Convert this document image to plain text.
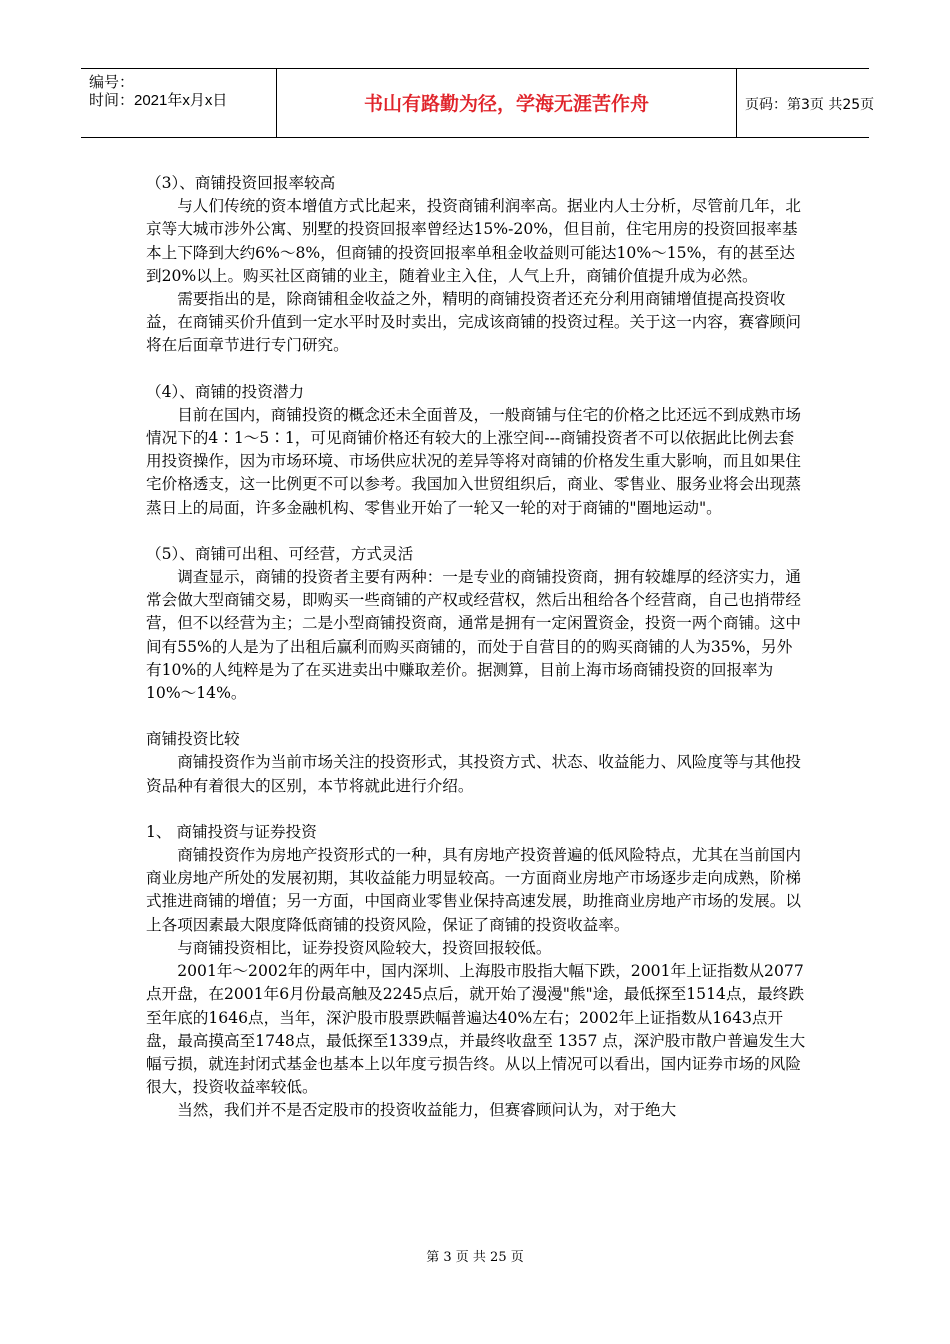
编号：
时间：2021年x月x日	书山有路勤为径，学海无涯苦作舟	页码：第3页 共25页

（3）、商铺投资回报率较高

与人们传统的资本增值方式比起来，投资商铺利润率高。据业内人士分析，尽管前几年，北京等大城市涉外公寓、别墅的投资回报率曾经达15%-20%，但目前，住宅用房的投资回报率基本上下降到大约6%～8%，但商铺的投资回报率单租金收益则可能达10%～15%，有的甚至达到20%以上。购买社区商铺的业主，随着业主入住，人气上升，商铺价值提升成为必然。

需要指出的是，除商铺租金收益之外，精明的商铺投资者还充分利用商铺增值提高投资收益，在商铺买价升值到一定水平时及时卖出，完成该商铺的投资过程。关于这一内容，赛睿顾问将在后面章节进行专门研究。

（4）、商铺的投资潜力

目前在国内，商铺投资的概念还未全面普及，一般商铺与住宅的价格之比还远不到成熟市场情况下的4∶1～5∶1，可见商铺价格还有较大的上涨空间---商铺投资者不可以依据此比例去套用投资操作，因为市场环境、市场供应状况的差异等将对商铺的价格发生重大影响，而且如果住宅价格透支，这一比例更不可以参考。我国加入世贸组织后，商业、零售业、服务业将会出现蒸蒸日上的局面，许多金融机构、零售业开始了一轮又一轮的对于商铺的"圈地运动"。

（5）、商铺可出租、可经营，方式灵活

调查显示，商铺的投资者主要有两种：一是专业的商铺投资商，拥有较雄厚的经济实力，通常会做大型商铺交易，即购买一些商铺的产权或经营权，然后出租给各个经营商，自己也捎带经营，但不以经营为主；二是小型商铺投资商，通常是拥有一定闲置资金，投资一两个商铺。这中间有55%的人是为了出租后赢利而购买商铺的，而处于自营目的的购买商铺的人为35%，另外有10%的人纯粹是为了在买进卖出中赚取差价。据测算，目前上海市场商铺投资的回报率为10%～14%。

商铺投资比较

商铺投资作为当前市场关注的投资形式，其投资方式、状态、收益能力、风险度等与其他投资品种有着很大的区别，本节将就此进行介绍。

1、 商铺投资与证券投资

商铺投资作为房地产投资形式的一种，具有房地产投资普遍的低风险特点，尤其在当前国内商业房地产所处的发展初期，其收益能力明显较高。一方面商业房地产市场逐步走向成熟，阶梯式推进商铺的增值；另一方面，中国商业零售业保持高速发展，助推商业房地产市场的发展。以上各项因素最大限度降低商铺的投资风险，保证了商铺的投资收益率。

与商铺投资相比，证券投资风险较大，投资回报较低。

2001年～2002年的两年中，国内深圳、上海股市股指大幅下跌，2001年上证指数从2077点开盘，在2001年6月份最高触及2245点后，就开始了漫漫"熊"途，最低探至1514点，最终跌至年底的1646点，当年，深沪股市股票跌幅普遍达40%左右；2002年上证指数从1643点开盘，最高摸高至1748点，最低探至1339点，并最终收盘至 1357 点，深沪股市散户普遍发生大幅亏损，就连封闭式基金也基本上以年度亏损告终。从以上情况可以看出，国内证券市场的风险很大，投资收益率较低。

当然，我们并不是否定股市的投资收益能力，但赛睿顾问认为，对于绝大

第 3 页 共 25 页
